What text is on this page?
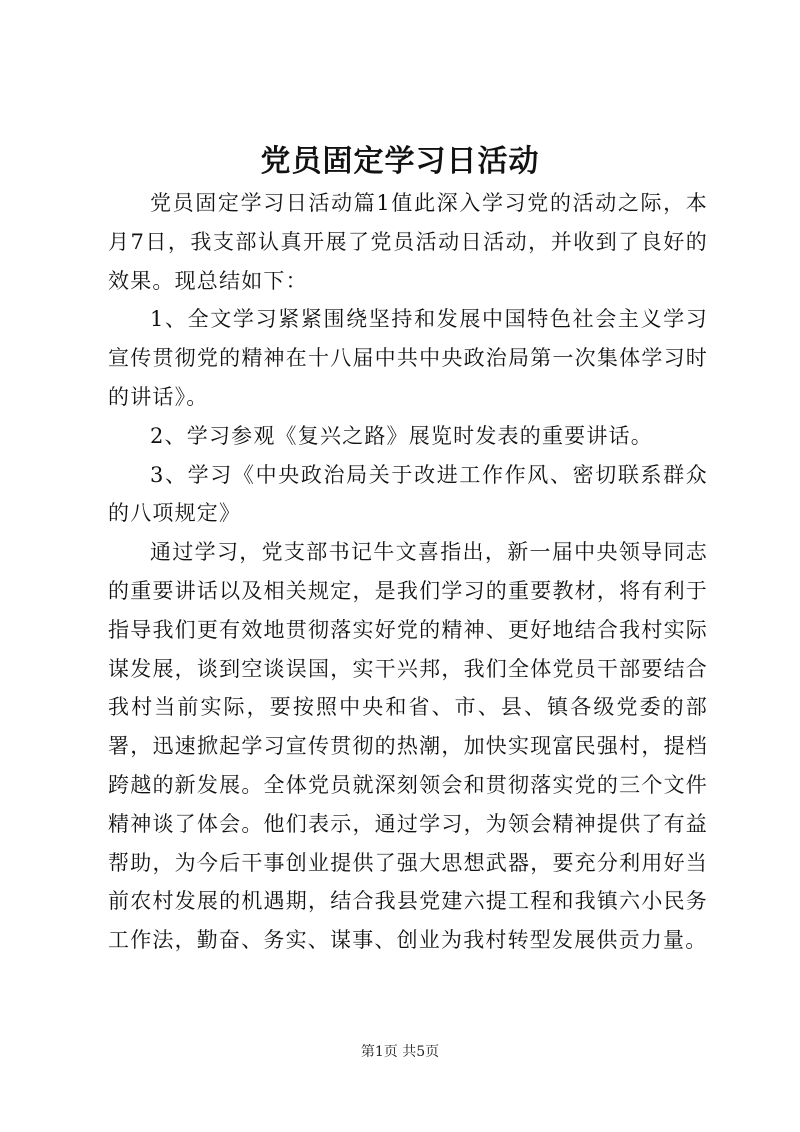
党员固定学习日活动

党员固定学习日活动篇1值此深入学习党的活动之际，本月7日，我支部认真开展了党员活动日活动，并收到了良好的效果。现总结如下：

1、全文学习紧紧围绕坚持和发展中国特色社会主义学习宣传贯彻党的精神在十八届中共中央政治局第一次集体学习时的讲话》。

2、学习参观《复兴之路》展览时发表的重要讲话。

3、学习《中央政治局关于改进工作作风、密切联系群众的八项规定》

通过学习，党支部书记牛文喜指出，新一届中央领导同志的重要讲话以及相关规定，是我们学习的重要教材，将有利于指导我们更有效地贯彻落实好党的精神、更好地结合我村实际谋发展，谈到空谈误国，实干兴邦，我们全体党员干部要结合我村当前实际，要按照中央和省、市、县、镇各级党委的部署，迅速掀起学习宣传贯彻的热潮，加快实现富民强村，提档跨越的新发展。全体党员就深刻领会和贯彻落实党的三个文件精神谈了体会。他们表示，通过学习，为领会精神提供了有益帮助，为今后干事创业提供了强大思想武器，要充分利用好当前农村发展的机遇期，结合我县党建六提工程和我镇六小民务工作法，勤奋、务实、谋事、创业为我村转型发展供贡力量。

第1页 共5页
